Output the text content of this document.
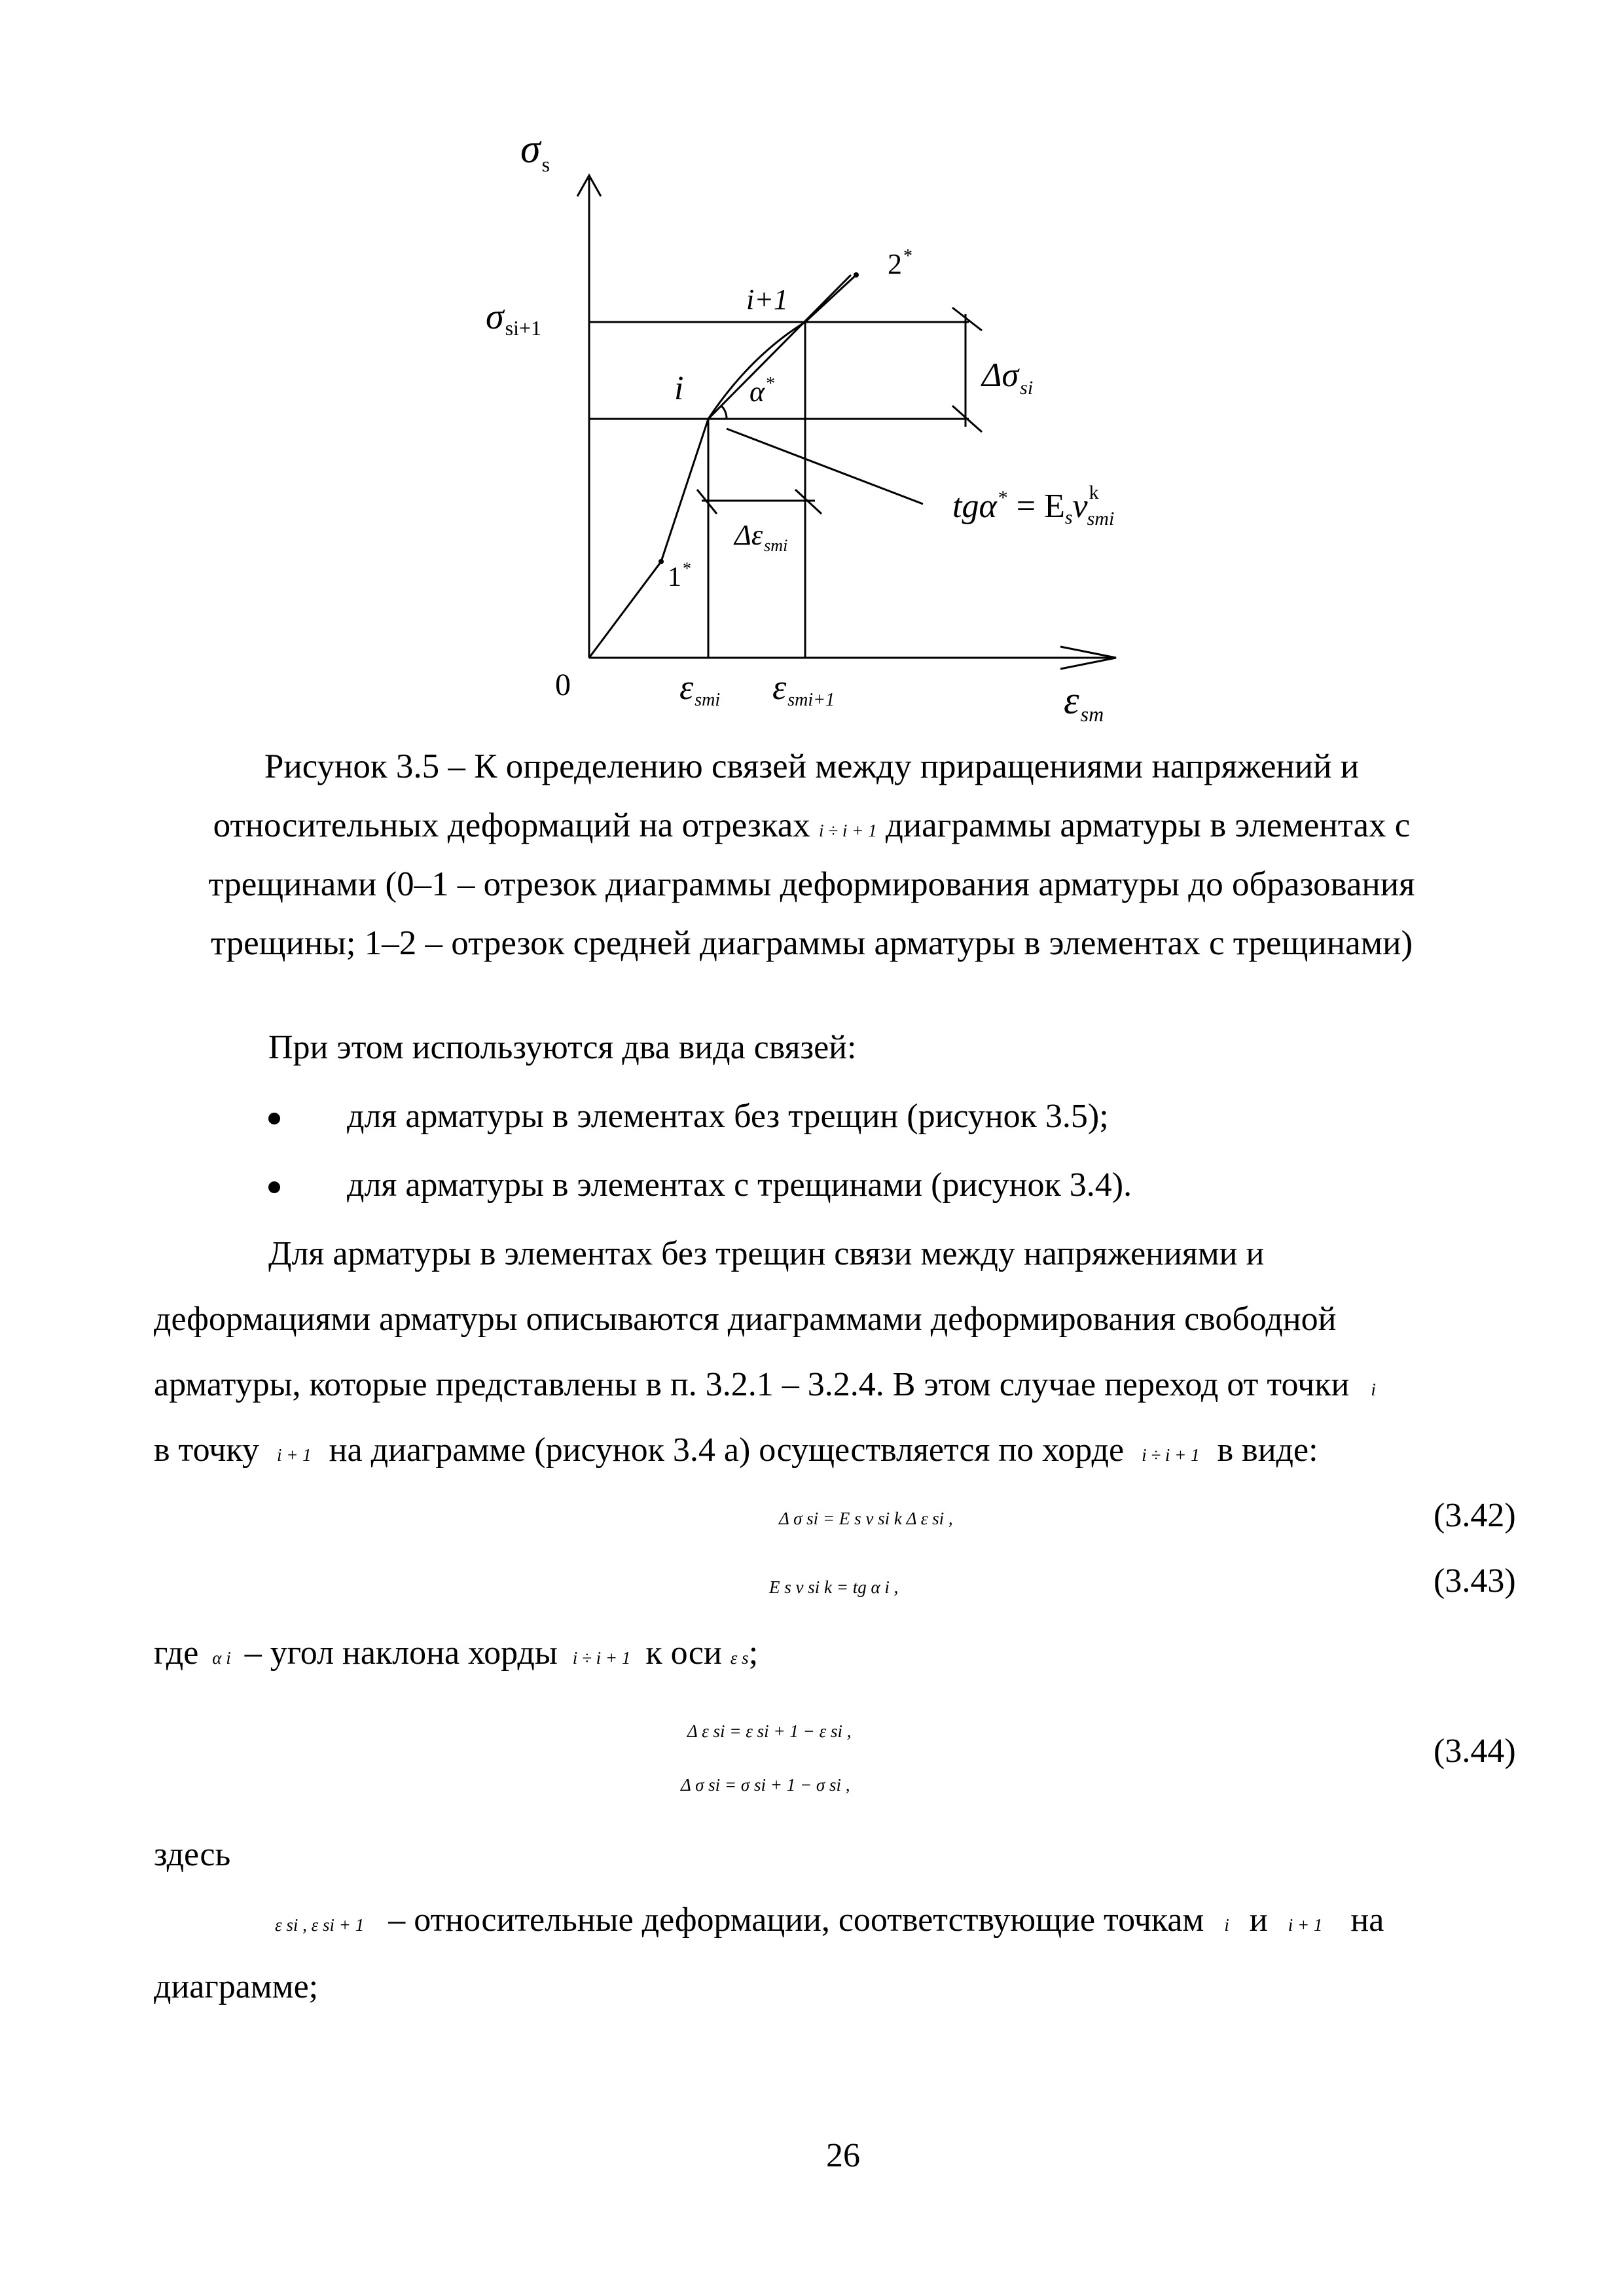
$\sigma_s$
σsi+1
i
i+1
2*
1*
α*	$\Delta\sigma_{si}$
tgα* = Esν$^k$ smi
$\Delta\varepsilon_{smi}$
0	εsmi εsmi+1	$\varepsilon_{sm}$
Рисунок 3.5 – К определению связей между приращениями напряжений и
относительных деформаций на отрезках i ÷ i + 1 диаграммы арматуры в элементах с
трещинами (0–1 – отрезок диаграммы деформирования арматуры до образования
трещины; 1–2 – отрезок средней диаграммы арматуры в элементах с трещинами)
При этом используются два вида связей:
для арматуры в элементах без трещин (рисунок 3.5);
для арматуры в элементах с трещинами (рисунок 3.4).
Для арматуры в элементах без трещин связи между напряжениями и
деформациями арматуры описываются диаграммами деформирования свободной
арматуры, которые представлены в п. 3.2.1 – 3.2.4. В этом случае переход от точки i
в точку i + 1 на диаграмме (рисунок 3.4 а) осуществляется по хорде i ÷ i + 1 в виде:
Δ σ si = E s ν si k Δ ε si ,	(3.42)
E s ν si k = tg α i ,	(3.43)
где α i – угол наклона хорды i ÷ i + 1 к оси ε s;
Δ ε si = ε si + 1 − ε si ,
Δ σ si = σ si + 1 − σ si ,
(3.44)
здесь
ε si , ε si + 1 – относительные деформации, соответствующие точкам i и i + 1 на
диаграмме;
26
